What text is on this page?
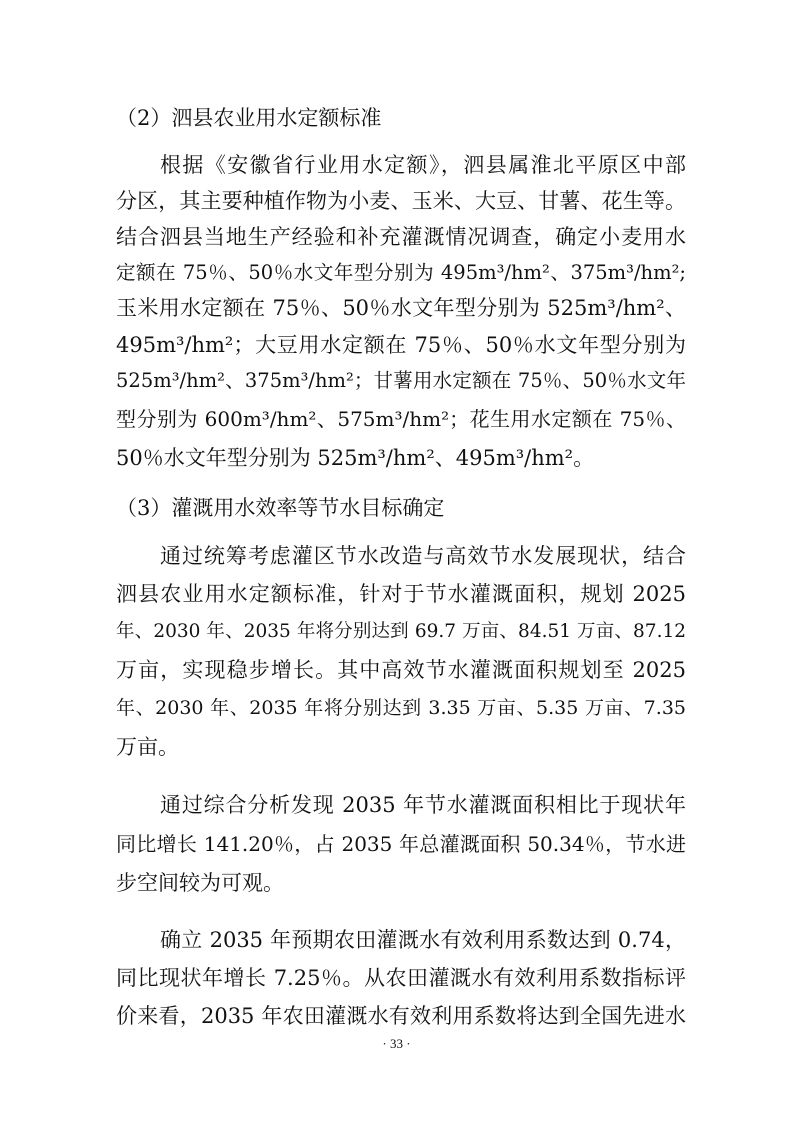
（2）泗县农业用水定额标准
根据《安徽省行业用水定额》，泗县属淮北平原区中部
分区，其主要种植作物为小麦、玉米、大豆、甘薯、花生等。
结合泗县当地生产经验和补充灌溉情况调查，确定小麦用水
定额在 75％、50％水文年型分别为 495m³/hm²、375m³/hm²;
玉米用水定额在 75％、50％水文年型分别为 525m³/hm²、
495m³/hm²；大豆用水定额在 75％、50％水文年型分别为
525m³/hm²、375m³/hm²；甘薯用水定额在 75％、50％水文年
型分别为 600m³/hm²、575m³/hm²；花生用水定额在 75％、
50％水文年型分别为 525m³/hm²、495m³/hm²。
（3）灌溉用水效率等节水目标确定
通过统筹考虑灌区节水改造与高效节水发展现状，结合
泗县农业用水定额标准，针对于节水灌溉面积，规划 2025
年、2030 年、2035 年将分别达到 69.7 万亩、84.51 万亩、87.12
万亩，实现稳步增长。其中高效节水灌溉面积规划至 2025
年、2030 年、2035 年将分别达到 3.35 万亩、5.35 万亩、7.35
万亩。
通过综合分析发现 2035 年节水灌溉面积相比于现状年
同比增长 141.20％，占 2035 年总灌溉面积 50.34％，节水进
步空间较为可观。
确立 2035 年预期农田灌溉水有效利用系数达到 0.74，
同比现状年增长 7.25％。从农田灌溉水有效利用系数指标评
价来看，2035 年农田灌溉水有效利用系数将达到全国先进水
· 33 ·
